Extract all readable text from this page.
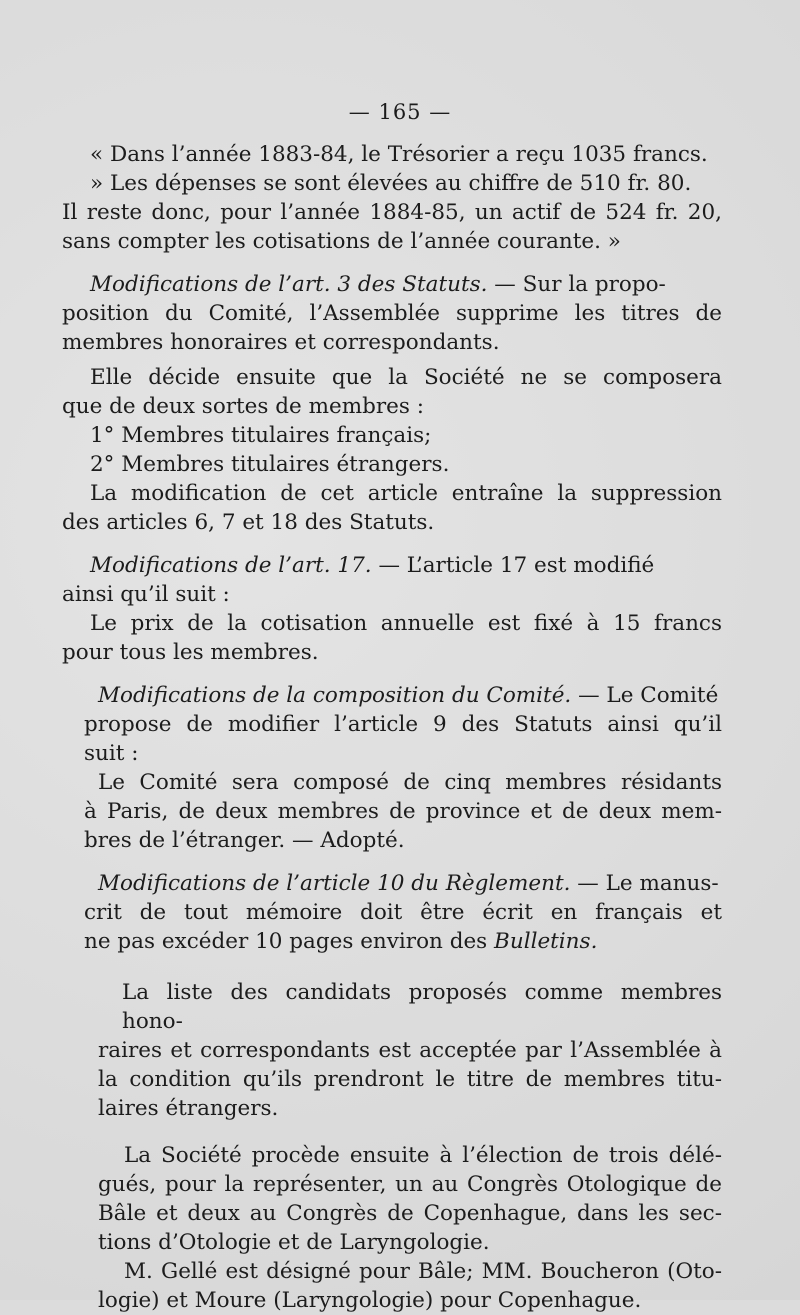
— 165 —
« Dans l’année 1883-84, le Trésorier a reçu 1035 francs.
» Les dépenses se sont élevées au chiffre de 510 fr. 80.
Il reste donc, pour l’année 1884-85, un actif de 524 fr. 20,
sans compter les cotisations de l’année courante. »
Modifications de l’art. 3 des Statuts. — Sur la propo-
position du Comité, l’Assemblée supprime les titres de
membres honoraires et correspondants.
Elle décide ensuite que la Société ne se composera
que de deux sortes de membres :
1° Membres titulaires français;
2° Membres titulaires étrangers.
La modification de cet article entraîne la suppression
des articles 6, 7 et 18 des Statuts.
Modifications de l’art. 17. — L’article 17 est modifié
ainsi qu’il suit :
Le prix de la cotisation annuelle est fixé à 15 francs
pour tous les membres.
Modifications de la composition du Comité. — Le Comité
propose de modifier l’article 9 des Statuts ainsi qu’il
suit :
Le Comité sera composé de cinq membres résidants
à Paris, de deux membres de province et de deux mem-
bres de l’étranger. — Adopté.
Modifications de l’article 10 du Règlement. — Le manus-
crit de tout mémoire doit être écrit en français et
ne pas excéder 10 pages environ des Bulletins.
La liste des candidats proposés comme membres hono-
raires et correspondants est acceptée par l’Assemblée à
la condition qu’ils prendront le titre de membres titu-
laires étrangers.
La Société procède ensuite à l’élection de trois délé-
gués, pour la représenter, un au Congrès Otologique de
Bâle et deux au Congrès de Copenhague, dans les sec-
tions d’Otologie et de Laryngologie.
M. Gellé est désigné pour Bâle; MM. Boucheron (Oto-
logie) et Moure (Laryngologie) pour Copenhague.
